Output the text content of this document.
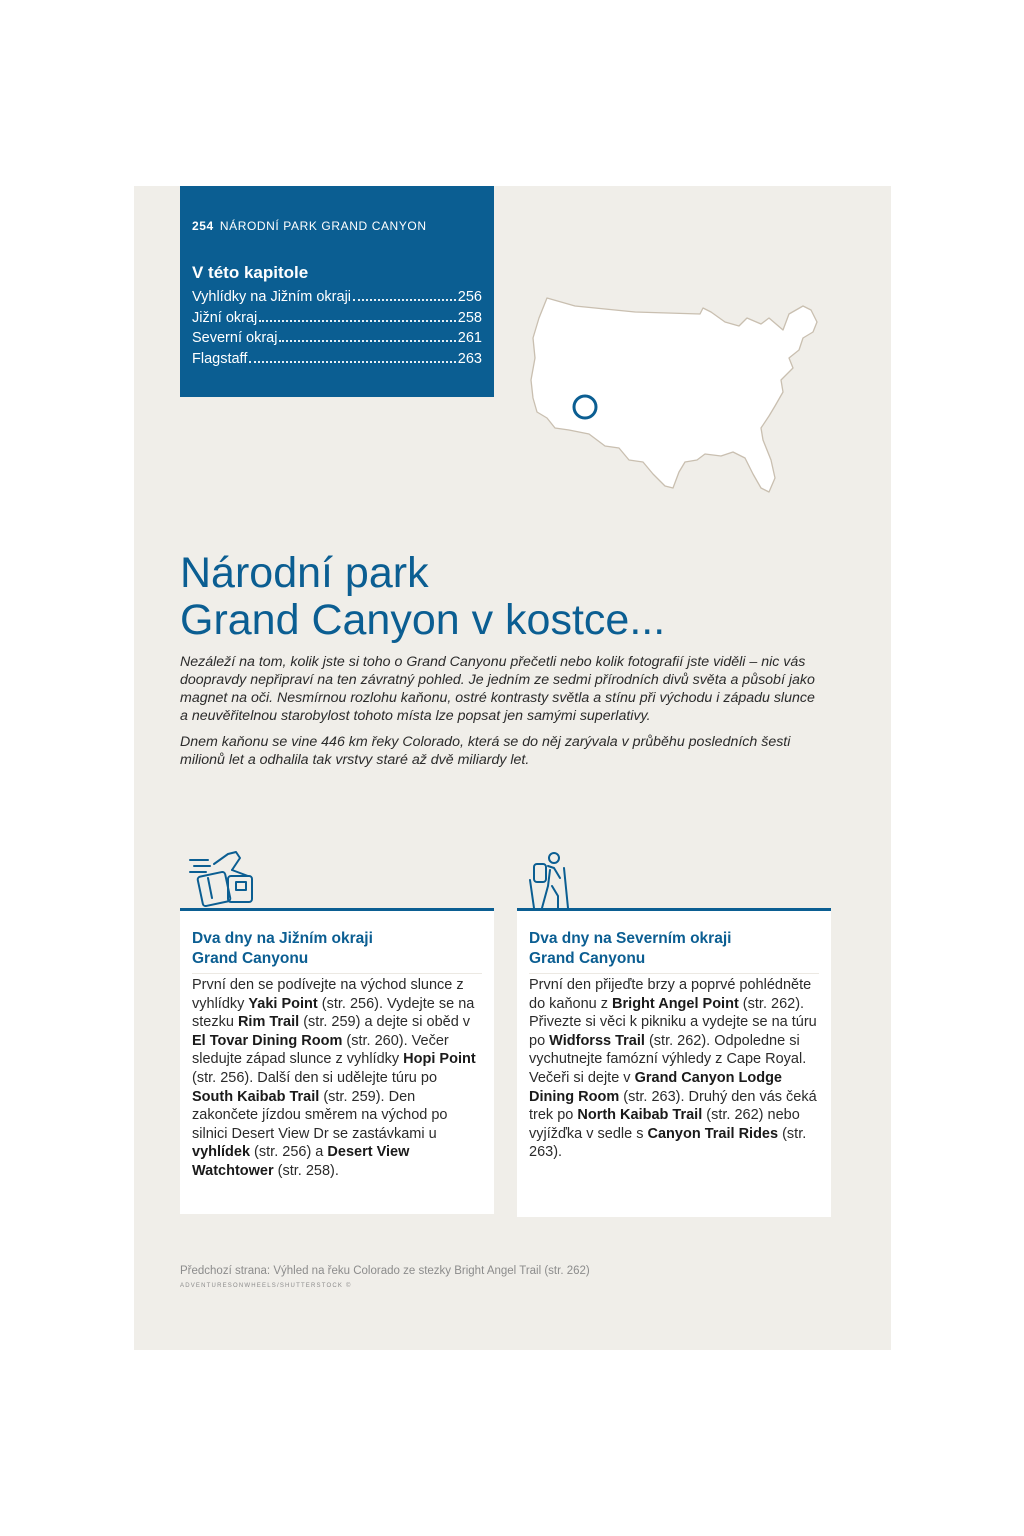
254 NÁRODNÍ PARK GRAND CANYON
V této kapitole
Vyhlídky na Jižním okraji	256
Jižní okraj	258
Severní okraj	261
Flagstaff	263
Národní park
Grand Canyon v kostce...

Nezáleží na tom, kolik jste si toho o Grand Canyonu přečetli nebo kolik fotografií jste viděli – nic vás doopravdy nepřipraví na ten závratný pohled. Je jedním ze sedmi přírodních divů světa a působí jako magnet na oči. Nesmírnou rozlohu kaňonu, ostré kontrasty světla a stínu při východu i západu slunce a neuvěřitelnou starobylost tohoto místa lze popsat jen samými superlativy.

Dnem kaňonu se vine 446 km řeky Colorado, která se do něj zarývala v průběhu posledních šesti milionů let a odhalila tak vrstvy staré až dvě miliardy let.

Dva dny na Jižním okraji
Grand Canyonu
První den se podívejte na východ slunce z vyhlídky Yaki Point (str. 256). Vydejte se na stezku Rim Trail (str. 259) a dejte si oběd v El Tovar Dining Room (str. 260). Večer sledujte západ slunce z vyhlídky Hopi Point (str. 256). Další den si udělejte túru po South Kaibab Trail (str. 259). Den zakončete jízdou směrem na východ po silnici Desert View Dr se zastávkami u vyhlídek (str. 256) a Desert View Watchtower (str. 258).
Dva dny na Severním okraji
Grand Canyonu
První den přijeďte brzy a poprvé pohlédněte do kaňonu z Bright Angel Point (str. 262). Přivezte si věci k pikniku a vydejte se na túru po Widforss Trail (str. 262). Odpoledne si vychutnejte famózní výhledy z Cape Royal. Večeři si dejte v Grand Canyon Lodge Dining Room (str. 263). Druhý den vás čeká trek po North Kaibab Trail (str. 262) nebo vyjížďka v sedle s Canyon Trail Rides (str. 263).
Předchozí strana: Výhled na řeku Colorado ze stezky Bright Angel Trail (str. 262)
ADVENTURESONWHEELS/SHUTTERSTOCK ©
